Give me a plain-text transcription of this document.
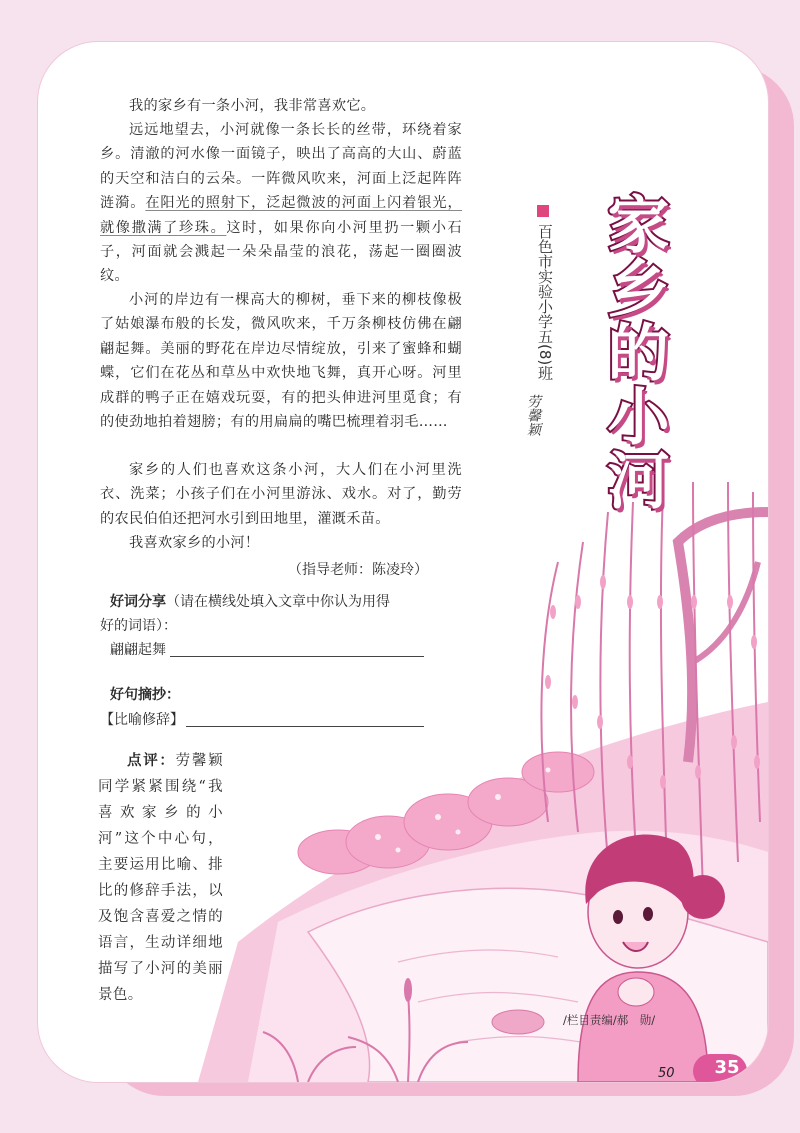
我的家乡有一条小河，我非常喜欢它。

远远地望去，小河就像一条长长的丝带，环绕着家乡。清澈的河水像一面镜子，映出了高高的大山、蔚蓝的天空和洁白的云朵。一阵微风吹来，河面上泛起阵阵涟漪。在阳光的照射下，泛起微波的河面上闪着银光，就像撒满了珍珠。这时，如果你向小河里扔一颗小石子，河面就会溅起一朵朵晶莹的浪花，荡起一圈圈波纹。

小河的岸边有一棵高大的柳树，垂下来的柳枝像极了姑娘瀑布般的长发，微风吹来，千万条柳枝仿佛在翩翩起舞。美丽的野花在岸边尽情绽放，引来了蜜蜂和蝴蝶，它们在花丛和草丛中欢快地飞舞，真开心呀。河里成群的鸭子正在嬉戏玩耍，有的把头伸进河里觅食；有的使劲地拍着翅膀；有的用扁扁的嘴巴梳理着羽毛……

家乡的人们也喜欢这条小河，大人们在小河里洗衣、洗菜；小孩子们在小河里游泳、戏水。对了，勤劳的农民伯伯还把河水引到田地里，灌溉禾苗。

我喜欢家乡的小河！

（指导老师：陈凌玲）
好词分享（请在横线处填入文章中你认为用得
好的词语）：
翩翩起舞
好句摘抄：
【比喻修辞】

点评：劳馨颖同学紧紧围绕“我喜欢家乡的小河”这个中心句，主要运用比喻、排比的修辞手法，以及饱含喜爱之情的语言，生动详细地描写了小河的美丽景色。

百色市实验小学五(8)班
劳馨颖 家乡的小河
/栏目责编/郝　勋/
50	35
